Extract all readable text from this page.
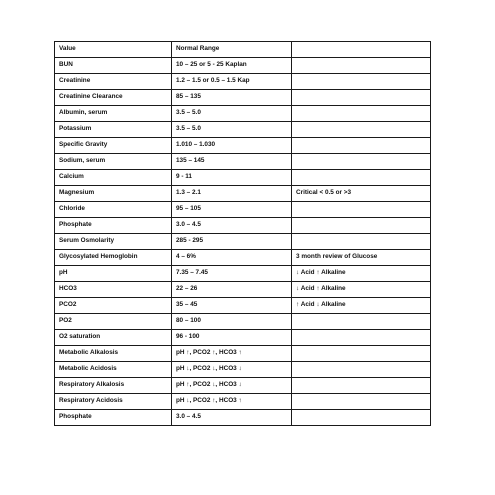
Value	Normal Range	
BUN	10 – 25 or 5 - 25 Kaplan	
Creatinine	1.2 – 1.5 or 0.5 – 1.5 Kap	
Creatinine Clearance	85 – 135	
Albumin, serum	3.5 – 5.0	
Potassium	3.5 – 5.0	
Specific Gravity	1.010 – 1.030	
Sodium, serum	135 – 145	
Calcium	9 - 11	
Magnesium	1.3 – 2.1	Critical < 0.5 or >3
Chloride	95 – 105	
Phosphate	3.0 – 4.5	
Serum Osmolarity	285 - 295	
Glycosylated Hemoglobin	4 – 6%	3 month review of Glucose
pH	7.35 – 7.45	↓ Acid ↑ Alkaline
HCO3	22 – 26	↓ Acid ↑ Alkaline
PCO2	35 – 45	↑ Acid ↓ Alkaline
PO2	80 – 100	
O2 saturation	96 - 100	
Metabolic Alkalosis	pH ↑, PCO2 ↑, HCO3 ↑	
Metabolic Acidosis	pH ↓, PCO2 ↓, HCO3 ↓	
Respiratory Alkalosis	pH ↑, PCO2 ↓, HCO3 ↓	
Respiratory Acidosis	pH ↓, PCO2 ↑, HCO3 ↑	
Phosphate	3.0 – 4.5	
